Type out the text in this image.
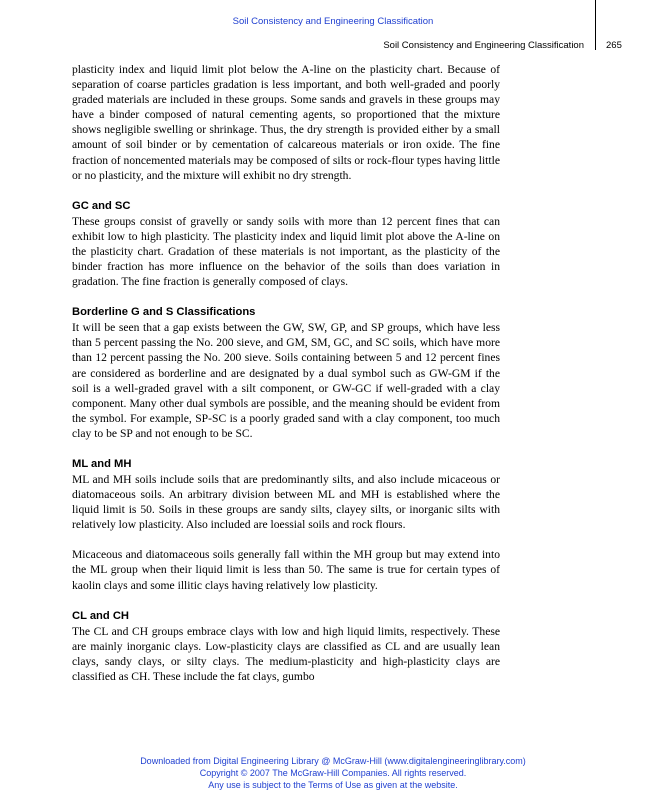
Soil Consistency and Engineering Classification
Soil Consistency and Engineering Classification 265

plasticity index and liquid limit plot below the A-line on the plasticity chart. Because of separation of coarse particles gradation is less important, and both well-graded and poorly graded materials are included in these groups. Some sands and gravels in these groups may have a binder composed of natural cementing agents, so proportioned that the mixture shows negligible swelling or shrinkage. Thus, the dry strength is provided either by a small amount of soil binder or by cementation of calcareous materials or iron oxide. The fine fraction of noncemented materials may be composed of silts or rock-flour types having little or no plasticity, and the mixture will exhibit no dry strength.

GC and SC

These groups consist of gravelly or sandy soils with more than 12 percent fines that can exhibit low to high plasticity. The plasticity index and liquid limit plot above the A-line on the plasticity chart. Gradation of these materials is not important, as the plasticity of the binder fraction has more influence on the behavior of the soils than does variation in gradation. The fine fraction is generally composed of clays.

Borderline G and S Classifications

It will be seen that a gap exists between the GW, SW, GP, and SP groups, which have less than 5 percent passing the No. 200 sieve, and GM, SM, GC, and SC soils, which have more than 12 percent passing the No. 200 sieve. Soils containing between 5 and 12 percent fines are considered as borderline and are designated by a dual symbol such as GW-GM if the soil is a well-graded gravel with a silt component, or GW-GC if well-graded with a clay component. Many other dual symbols are possible, and the meaning should be evident from the symbol. For example, SP-SC is a poorly graded sand with a clay component, too much clay to be SP and not enough to be SC.

ML and MH

ML and MH soils include soils that are predominantly silts, and also include micaceous or diatomaceous soils. An arbitrary division between ML and MH is established where the liquid limit is 50. Soils in these groups are sandy silts, clayey silts, or inorganic silts with relatively low plasticity. Also included are loessial soils and rock flours.

Micaceous and diatomaceous soils generally fall within the MH group but may extend into the ML group when their liquid limit is less than 50. The same is true for certain types of kaolin clays and some illitic clays having relatively low plasticity.

CL and CH

The CL and CH groups embrace clays with low and high liquid limits, respectively. These are mainly inorganic clays. Low-plasticity clays are classified as CL and are usually lean clays, sandy clays, or silty clays. The medium-plasticity and high-plasticity clays are classified as CH. These include the fat clays, gumbo

Downloaded from Digital Engineering Library @ McGraw-Hill (www.digitalengineeringlibrary.com)
Copyright © 2007 The McGraw-Hill Companies. All rights reserved.
Any use is subject to the Terms of Use as given at the website.
